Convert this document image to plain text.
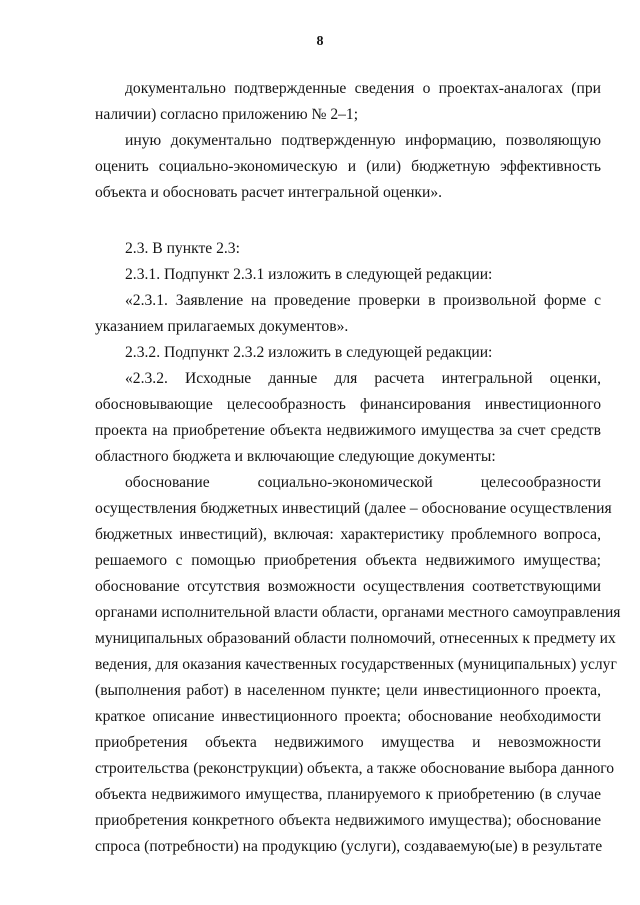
8
документально подтвержденные сведения о проектах-аналогах (при
наличии) согласно приложению № 2–1;
иную документально подтвержденную информацию, позволяющую
оценить социально-экономическую и (или) бюджетную эффективность
объекта и обосновать расчет интегральной оценки».
2.3. В пункте 2.3:
2.3.1. Подпункт 2.3.1 изложить в следующей редакции:
«2.3.1. Заявление на проведение проверки в произвольной форме с
указанием прилагаемых документов».
2.3.2. Подпункт 2.3.2 изложить в следующей редакции:
«2.3.2. Исходные данные для расчета интегральной оценки,
обосновывающие целесообразность финансирования инвестиционного
проекта на приобретение объекта недвижимого имущества за счет средств
областного бюджета и включающие следующие документы:
обоснование социально-экономической целесообразности
осуществления бюджетных инвестиций (далее – обоснование осуществления
бюджетных инвестиций), включая: характеристику проблемного вопроса,
решаемого с помощью приобретения объекта недвижимого имущества;
обоснование отсутствия возможности осуществления соответствующими
органами исполнительной власти области, органами местного самоуправления
муниципальных образований области полномочий, отнесенных к предмету их
ведения, для оказания качественных государственных (муниципальных) услуг
(выполнения работ) в населенном пункте; цели инвестиционного проекта,
краткое описание инвестиционного проекта; обоснование необходимости
приобретения объекта недвижимого имущества и невозможности
строительства (реконструкции) объекта, а также обоснование выбора данного
объекта недвижимого имущества, планируемого к приобретению (в случае
приобретения конкретного объекта недвижимого имущества); обоснование
спроса (потребности) на продукцию (услуги), создаваемую(ые) в результате
